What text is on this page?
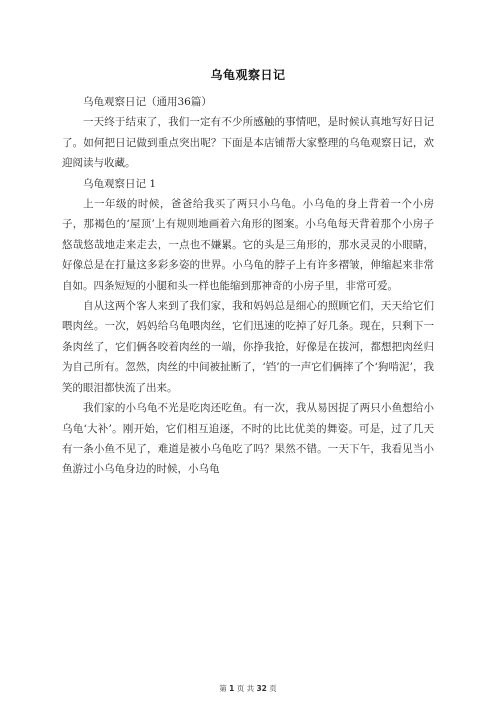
乌龟观察日记

乌龟观察日记（通用36篇）

一天终于结束了，我们一定有不少所感触的事情吧，是时候认真地写好日记了。如何把日记做到重点突出呢？下面是本店铺帮大家整理的乌龟观察日记，欢迎阅读与收藏。

乌龟观察日记 1

上一年级的时候，爸爸给我买了两只小乌龟。小乌龟的身上背着一个小房子，那褐色的‘屋顶’上有规则地画着六角形的图案。小乌龟每天背着那个小房子悠哉悠哉地走来走去，一点也不嫌累。它的头是三角形的，那水灵灵的小眼睛，好像总是在打量这多彩多姿的世界。小乌龟的脖子上有许多褶皱，伸缩起来非常自如。四条短短的小腿和头一样也能缩到那神奇的小房子里，非常可爱。

自从这两个客人来到了我们家，我和妈妈总是细心的照顾它们，天天给它们喂肉丝。一次，妈妈给乌龟喂肉丝，它们迅速的吃掉了好几条。现在，只剩下一条肉丝了，它们俩各咬着肉丝的一端，你挣我抢，好像是在拔河，都想把肉丝归为自己所有。忽然，肉丝的中间被扯断了，‘铛’的一声它们俩摔了个‘狗啃泥’，我笑的眼泪都快流了出来。

我们家的小乌龟不光是吃肉还吃鱼。有一次，我从易因捉了两只小鱼想给小乌龟‘大补’。刚开始，它们相互追逐，不时的比比优美的舞姿。可是，过了几天有一条小鱼不见了，难道是被小乌龟吃了吗？果然不错。一天下午，我看见当小鱼游过小乌龟身边的时候，小乌龟

第 1 页 共 32 页
